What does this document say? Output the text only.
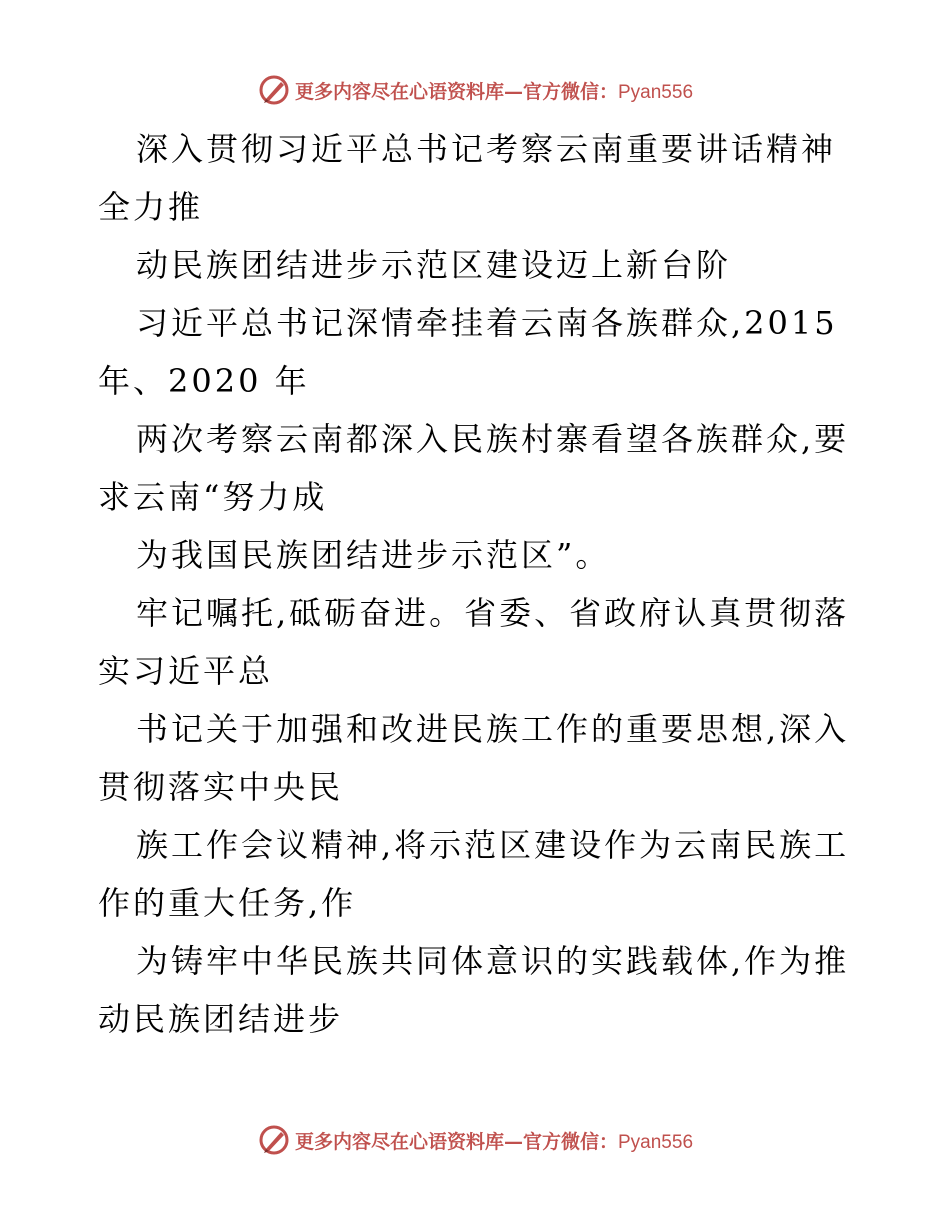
更多内容尽在心语资料库—官方微信：Pyan556
深入贯彻习近平总书记考察云南重要讲话精神
全力推
动民族团结进步示范区建设迈上新台阶
习近平总书记深情牵挂着云南各族群众,2015
年、2020 年
两次考察云南都深入民族村寨看望各族群众,要
求云南“努力成
为我国民族团结进步示范区”。
牢记嘱托,砥砺奋进。省委、省政府认真贯彻落
实习近平总
书记关于加强和改进民族工作的重要思想,深入
贯彻落实中央民
族工作会议精神,将示范区建设作为云南民族工
作的重大任务,作
为铸牢中华民族共同体意识的实践载体,作为推
动民族团结进步
更多内容尽在心语资料库—官方微信：Pyan556
